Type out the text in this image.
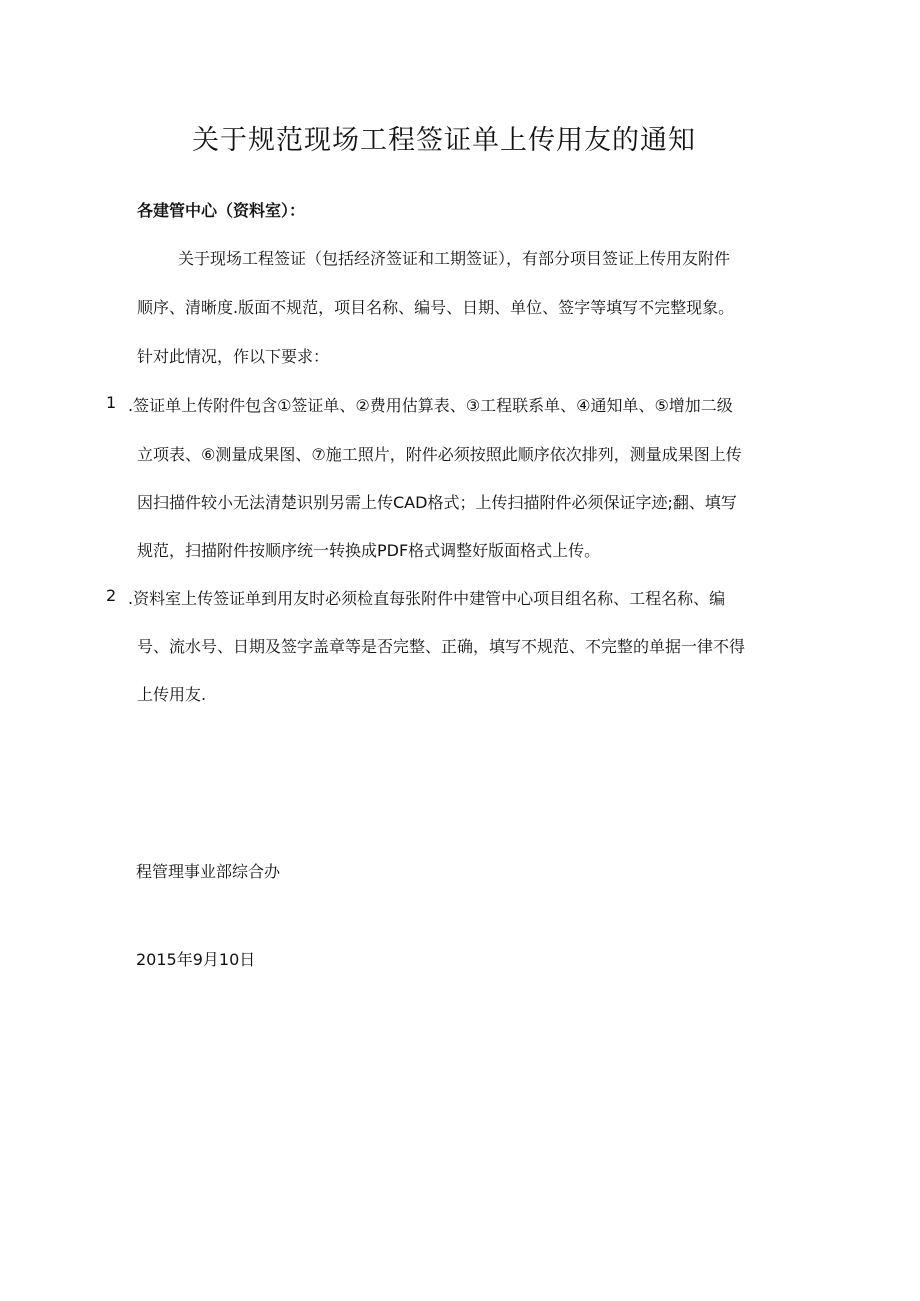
关于规范现场工程签证单上传用友的通知
各建管中心（资料室）：
关于现场工程签证（包括经济签证和工期签证），有部分项目签证上传用友附件
顺序、清晰度.版面不规范，项目名称、编号、日期、单位、签字等填写不完整现象。
针对此情况，作以下要求：
1 .签证单上传附件包含①签证单、②费用估算表、③工程联系单、④通知单、⑤增加二级
立项表、⑥测量成果图、⑦施工照片，附件必须按照此顺序依次排列，测量成果图上传
因扫描件较小无法清楚识别另需上传CAD格式；上传扫描附件必须保证字迹;翻、填写
规范，扫描附件按顺序统一转换成PDF格式调整好版面格式上传。
2 .资料室上传签证单到用友时必须检直每张附件中建管中心项目组名称、工程名称、编
号、流水号、日期及签字盖章等是否完整、正确，填写不规范、不完整的单据一律不得
上传用友.
程管理事业部综合办
2015年9月10日
